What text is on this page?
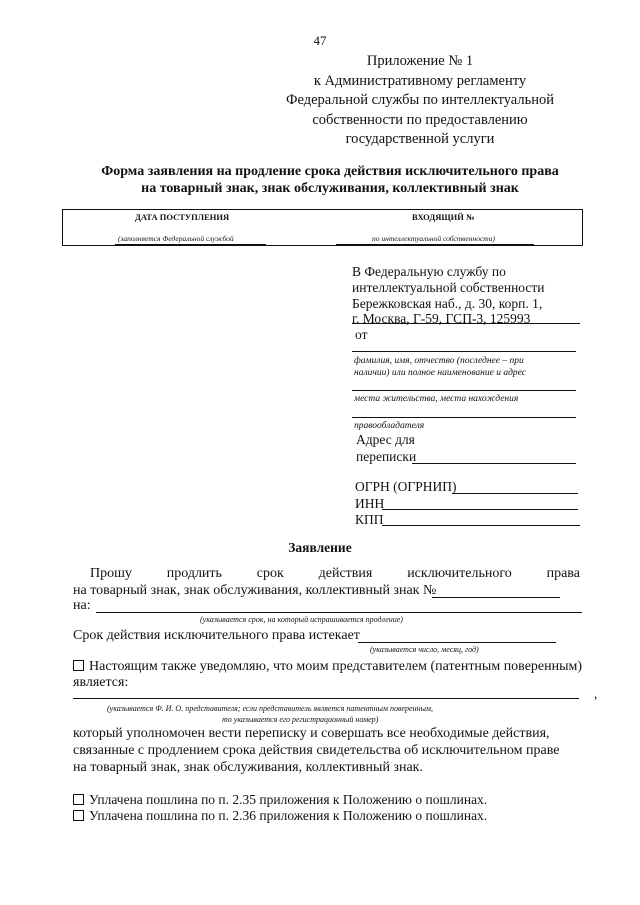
47
Приложение № 1
к Административному регламенту
Федеральной службы по интеллектуальной
собственности по предоставлению
государственной услуги
Форма заявления на продление срока действия исключительного права
на товарный знак, знак обслуживания, коллективный знак
ДАТА ПОСТУПЛЕНИЯ	ВХОДЯЩИЙ №
(заполняется Федеральной службой	по интеллектуальной собственности)
В Федеральную службу по
интеллектуальной собственности
Бережковская наб., д. 30, корп. 1,
г. Москва, Г-59, ГСП-3, 125993
от
фамилия, имя, отчество (последнее – при
наличии) или полное наименование и адрес
места жительства, места нахождения
правообладателя
Адрес для
переписки
ОГРН (ОГРНИП)
ИНН
КПП
Заявление
Прошу продлить срок действия исключительного права
на товарный знак, знак обслуживания, коллективный знак №
на:
(указывается срок, на который испрашивается продление)
Срок действия исключительного права истекает
(указывается число, месяц, год)
Настоящим также уведомляю, что моим представителем (патентным поверенным)
является:
,
(указывается Ф. И. О. представителя; если представитель является патентным поверенным,
то указывается его регистрационный номер)
который уполномочен вести переписку и совершать все необходимые действия,
связанные с продлением срока действия свидетельства об исключительном праве
на товарный знак, знак обслуживания, коллективный знак.
Уплачена пошлина по п. 2.35 приложения к Положению о пошлинах.
Уплачена пошлина по п. 2.36 приложения к Положению о пошлинах.
